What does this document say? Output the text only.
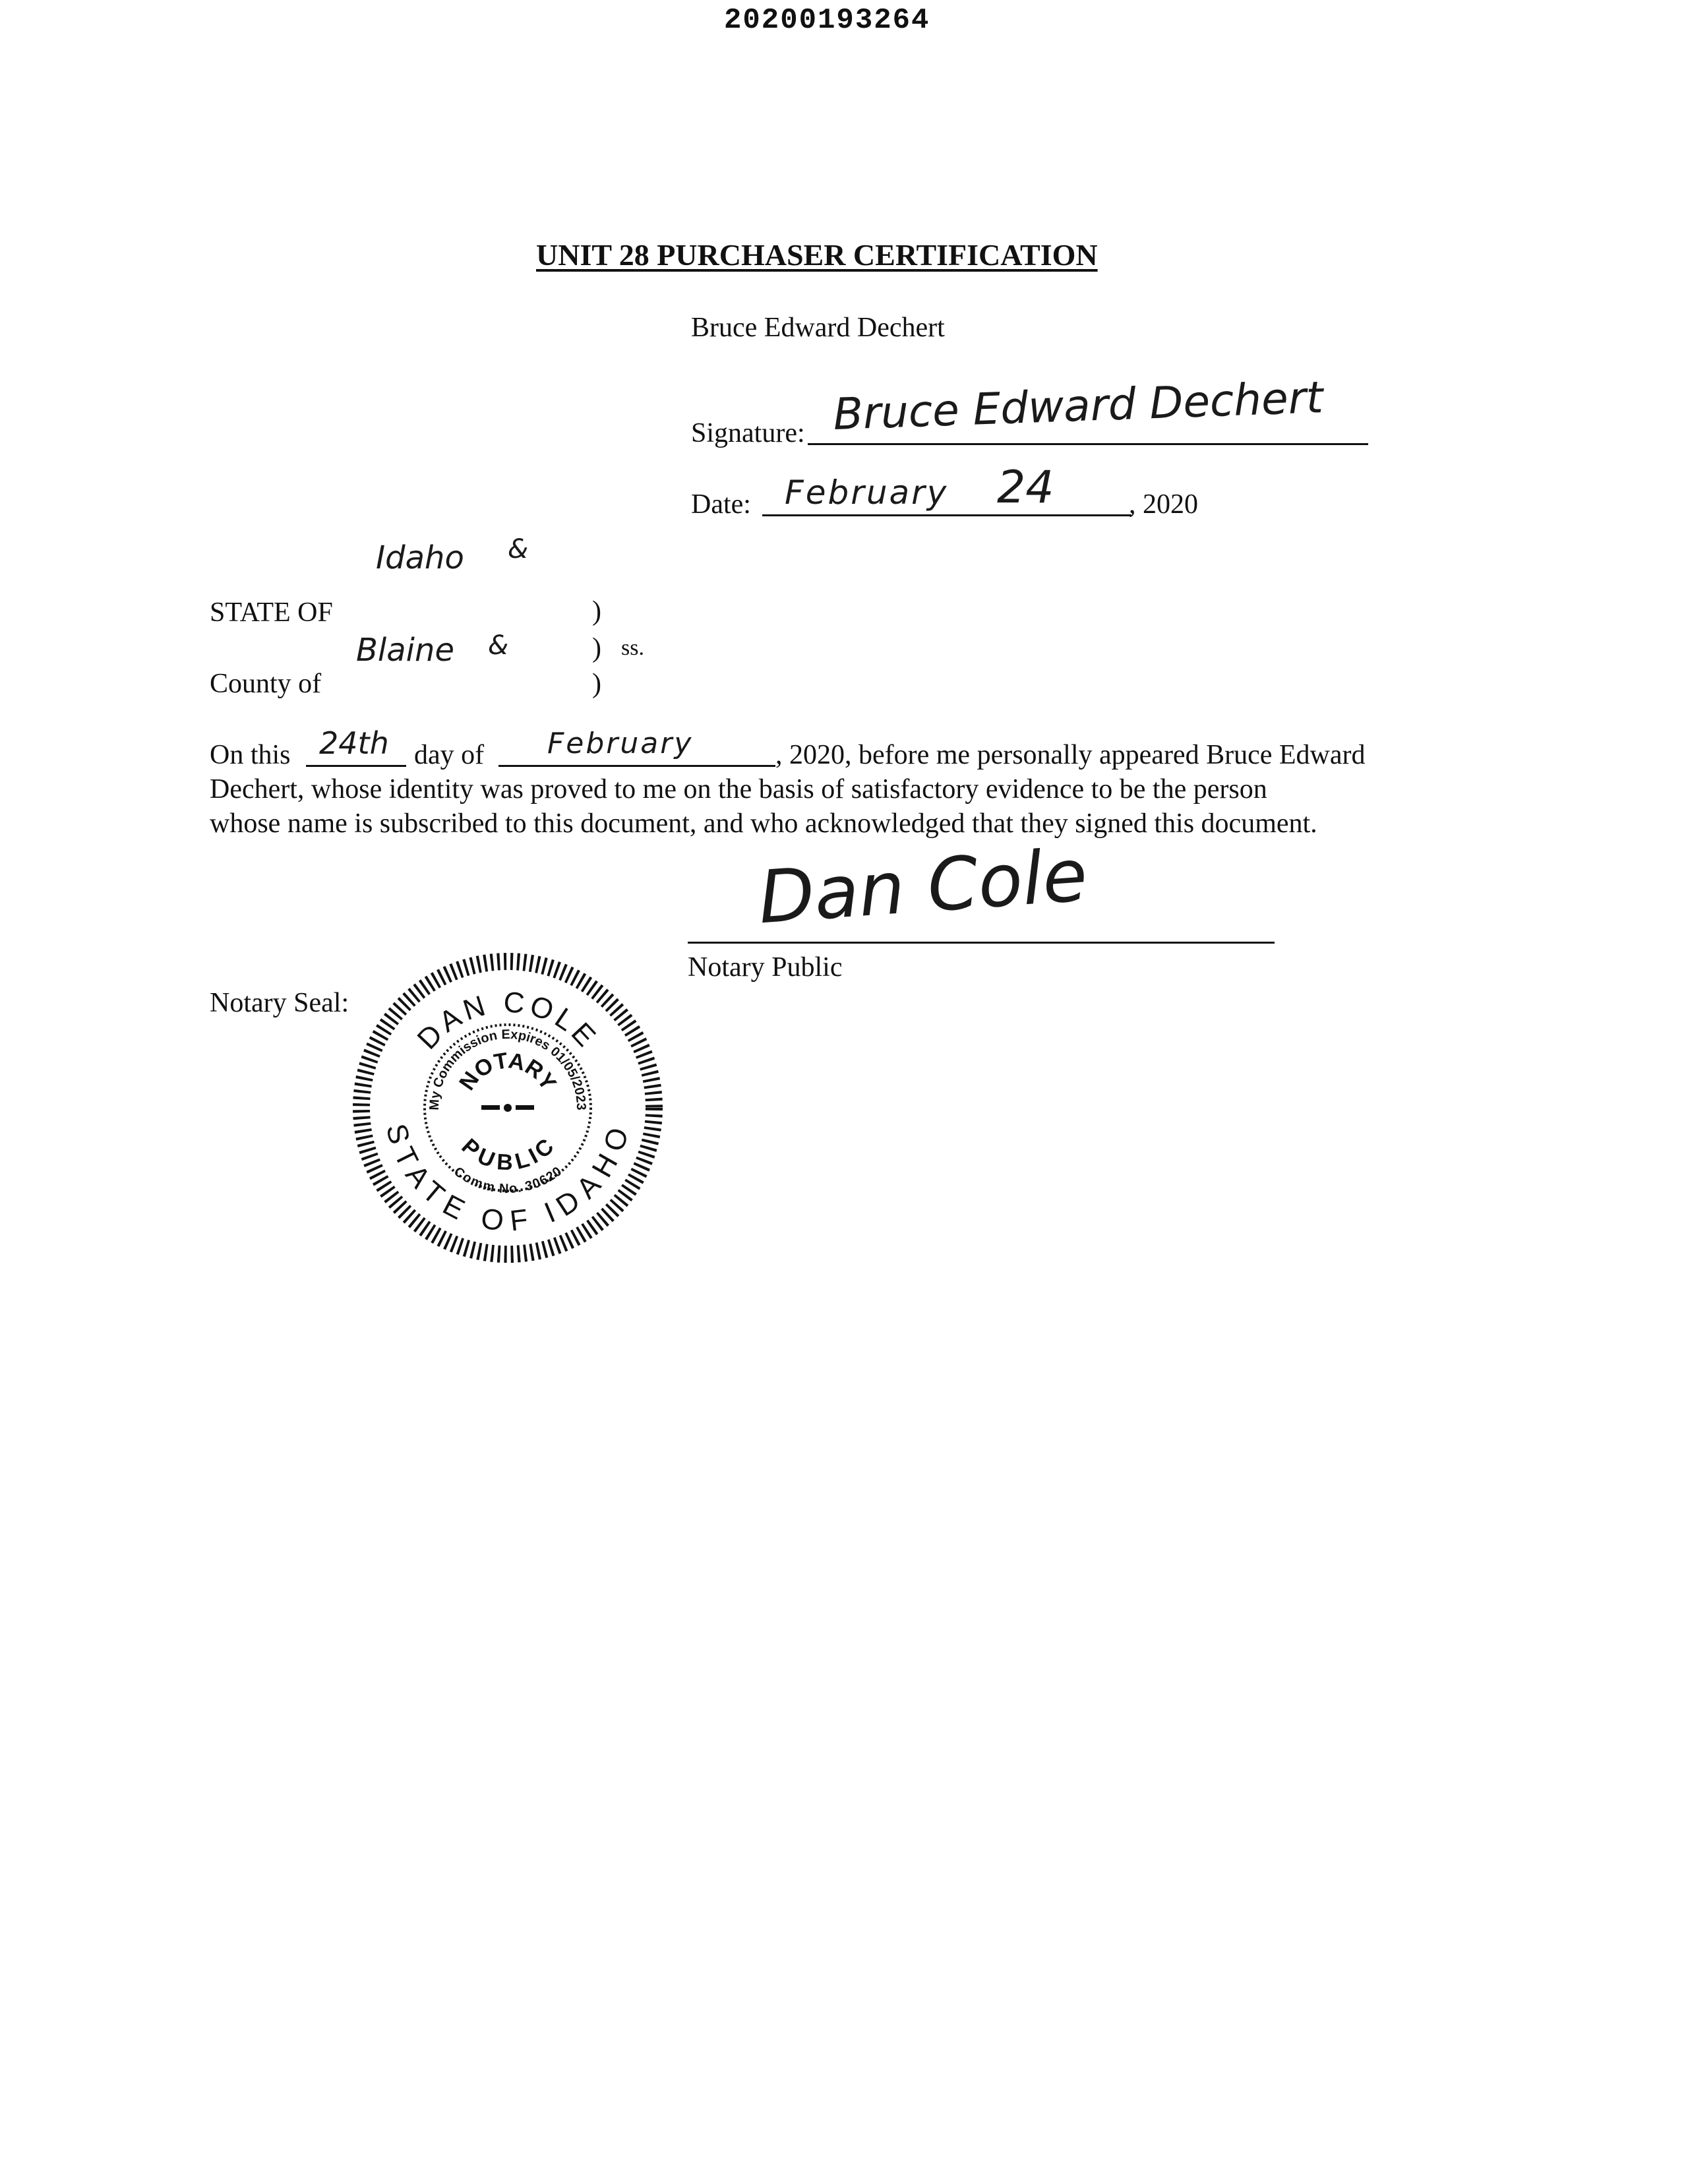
20200193264
UNIT 28 PURCHASER CERTIFICATION
Bruce Edward Dechert
Signature: Bruce Edward Dechert
Date: February 24	, 2020
Idaho &
STATE OF	)
Blaine &	) ss.
County of	)
On this 24th day of February	, 2020, before me personally appeared Bruce Edward
Dechert, whose identity was proved to me on the basis of satisfactory evidence to be the person
whose name is subscribed to this document, and who acknowledged that they signed this document.
Dan Cole
Notary Public
Notary Seal:
DAN COLE
STATE OF IDAHO
My Commission Expires 01/05/2023
Comm No. 30620
NOTARY
PUBLIC
